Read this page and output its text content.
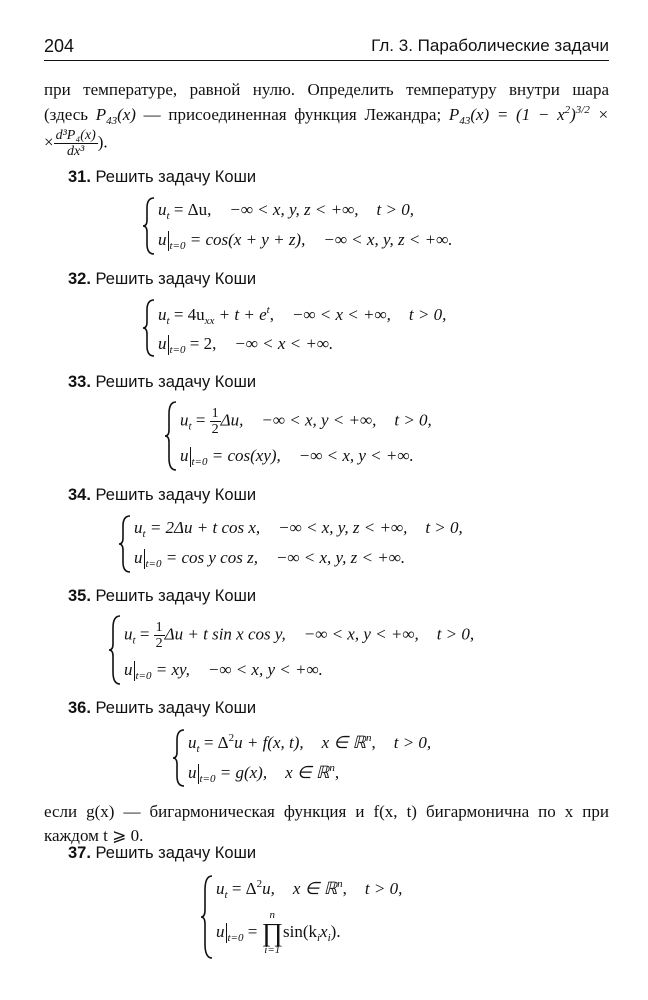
204	Гл. 3. Параболические задачи
при температуре, равной нулю. Определить температуру внутри шара
(здесь $P_{43}(x)$ — присоединенная функция Лежандра; $P_{43}(x) = (1 - x^2)^{3/2}$ ×
× $\frac{\text{d³P₄(x)}}{\text{dx³}}$ ).
31. Решить задачу Коши
$u_t = \Delta u$, −∞ < x, y, z < +∞, t > 0,
u $_{t=0}$ = cos(x + y + z), −∞ < x, y, z < +∞.
32. Решить задачу Коши
$u_t = 4u_{xx} + t + e^t$, −∞ < x < +∞, t > 0,
u $_{t=0}$ = 2, −∞ < x < +∞.
33. Решить задачу Коши
$u_t = \frac{1}{2} \Delta u$, −∞ < x, y < +∞, t > 0,
u $_{t=0}$ = cos(xy), −∞ < x, y < +∞.
34. Решить задачу Коши
$u_t = 2\Delta u + t$ cos x, −∞ < x, y, z < +∞, t > 0,
u $_{t=0}$ = cos y cos z, −∞ < x, y, z < +∞.
35. Решить задачу Коши
$u_t = \frac{1}{2}$ Δu + t sin x cos y, −∞ < x, y < +∞, t > 0,
u $_{t=0}$ = xy, −∞ < x, y < +∞.
36. Решить задачу Коши
$u_t = \Delta^2u + f(x$, t), x ∈ ℝ$^n$, t > 0,
u $_{t=0}$ = g(x), x ∈ ℝ$^n$,
если g(x) — бигармоническая функция и f(x, t) бигармонична по x при
каждом t ⩾ 0.
37. Решить задачу Коши
$u_t = \Delta^2u$, x ∈ ℝ$^n$, t > 0,
u $_{t=0}$ = n
∏
$i=1\sin(k_ix_i)$.
